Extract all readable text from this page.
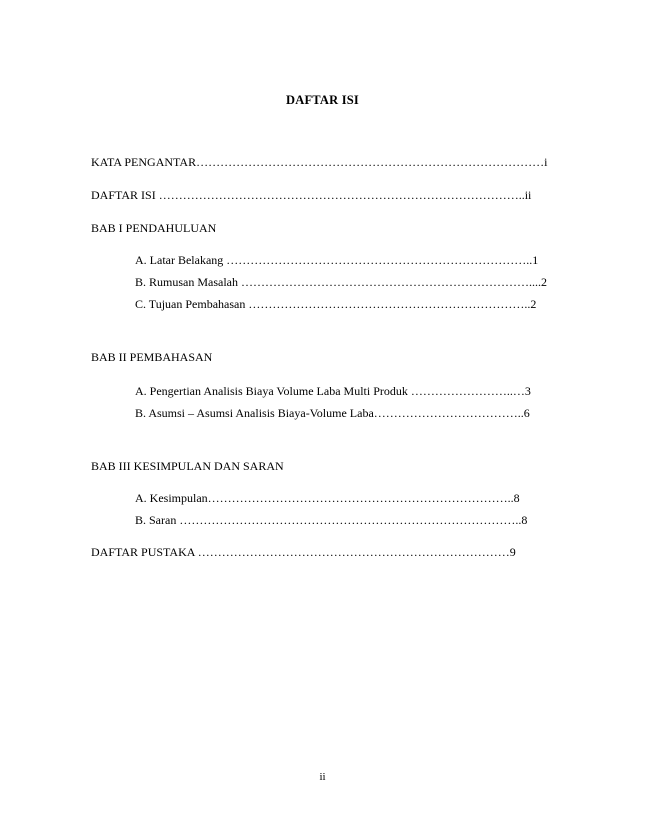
DAFTAR ISI
KATA PENGANTAR……………………………………………………………………………i
DAFTAR ISI ………………………………………………………………………………..ii
BAB I PENDAHULUAN
A. Latar Belakang …………………………………………………………………..1
B. Rumusan Masalah ………………………………………………………………....2
C. Tujuan Pembahasan ……………………………………………………………..2
BAB II PEMBAHASAN
A. Pengertian Analisis Biaya Volume Laba Multi Produk ……………………..…3
B. Asumsi – Asumsi Analisis Biaya-Volume Laba………………………………..6
BAB III KESIMPULAN DAN SARAN
A. Kesimpulan…………………………………………………………………..8
B. Saran …………………………………………………………………………..8
DAFTAR PUSTAKA ……………………………………………………………………9
ii
